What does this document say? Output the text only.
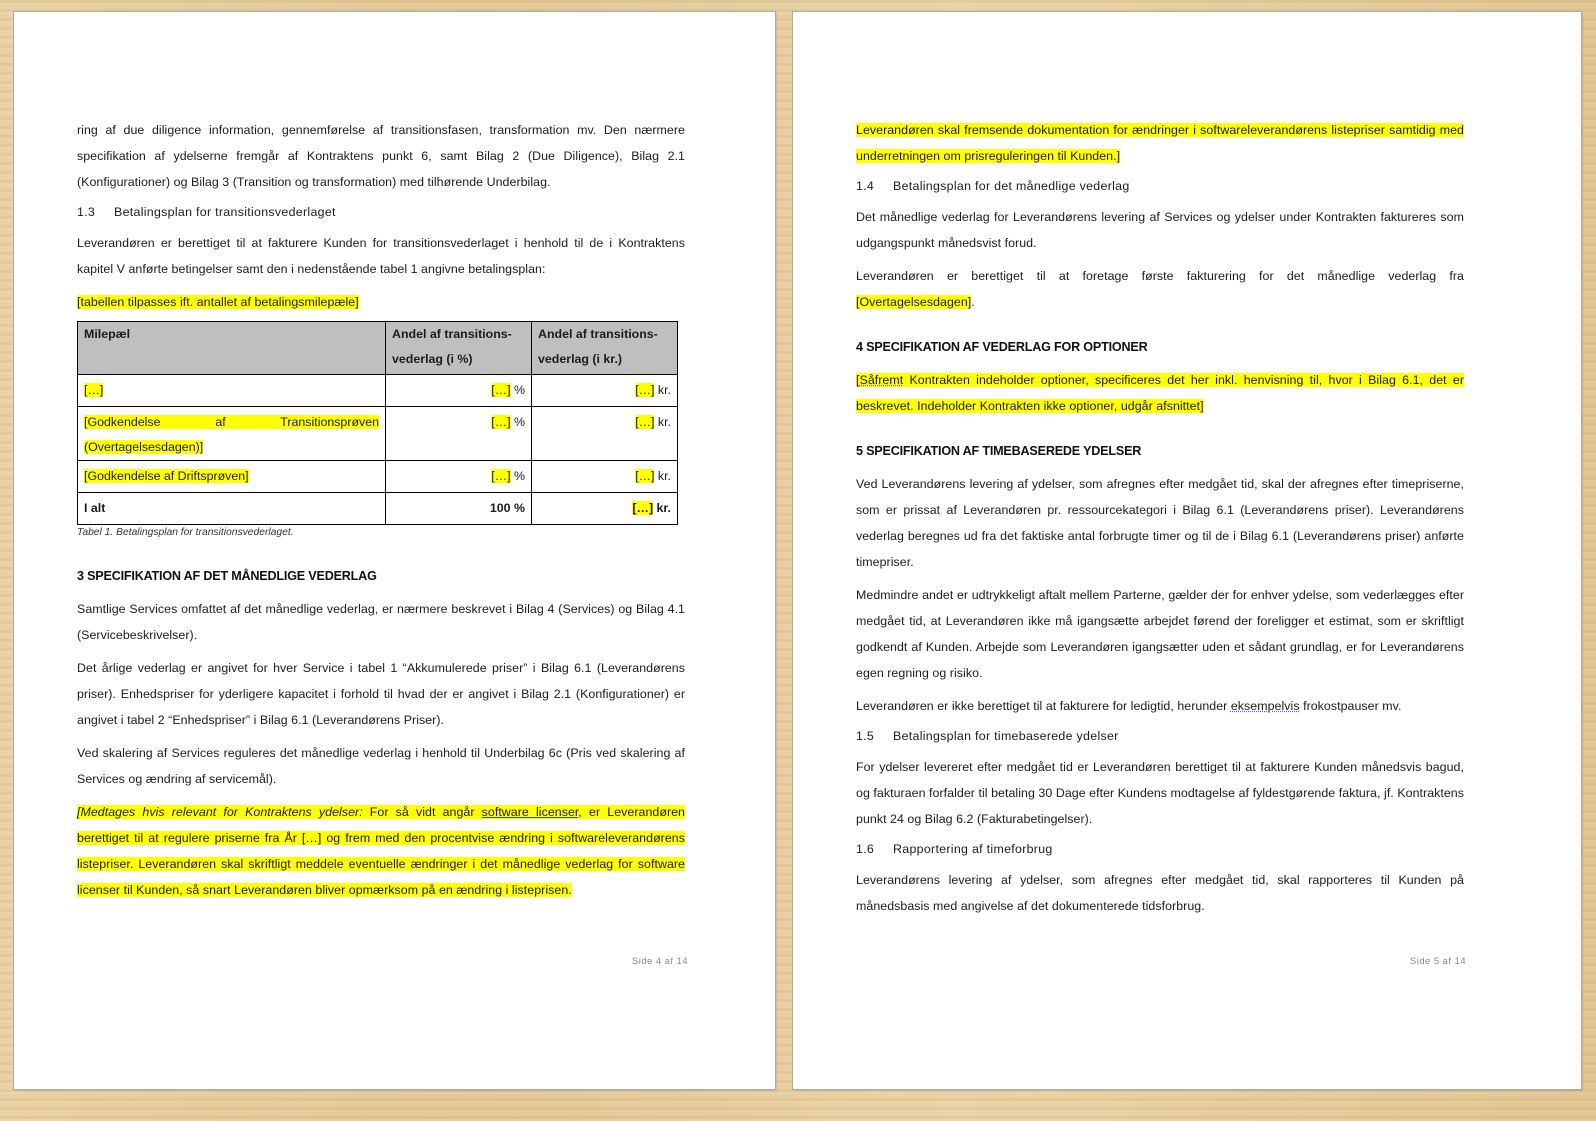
ring af due diligence information, gennemførelse af transitionsfasen, transformation mv. Den nærmere specifikation af ydelserne fremgår af Kontraktens punkt 6, samt Bilag 2 (Due Diligence), Bilag 2.1 (Konfigurationer) og Bilag 3 (Transition og transformation) med tilhørende Underbilag.

1.3 Betalingsplan for transitionsvederlaget

Leverandøren er berettiget til at fakturere Kunden for transitionsvederlaget i henhold til de i Kontraktens kapitel V anførte betingelser samt den i nedenstående tabel 1 angivne betalingsplan:

[tabellen tilpasses ift. antallet af betalingsmilepæle]

Milepæl	Andel af transitions-vederlag (i %)	Andel af transitions-vederlag (i kr.)
[…]	[…] %	[…] kr.
[Godkendelse af Transitionsprøven (Overtagelsesdagen)]	[…] %	[…] kr.
[Godkendelse af Driftsprøven]	[…] %	[…] kr.
I alt	100 %	[…] kr.

Tabel 1. Betalingsplan for transitionsvederlaget.

3 SPECIFIKATION AF DET MÅNEDLIGE VEDERLAG

Samtlige Services omfattet af det månedlige vederlag, er nærmere beskrevet i Bilag 4 (Services) og Bilag 4.1 (Servicebeskrivelser).

Det årlige vederlag er angivet for hver Service i tabel 1 “Akkumulerede priser” i Bilag 6.1 (Leverandørens priser). Enhedspriser for yderligere kapacitet i forhold til hvad der er angivet i Bilag 2.1 (Konfigurationer) er angivet i tabel 2 “Enhedspriser” i Bilag 6.1 (Leverandørens Priser).

Ved skalering af Services reguleres det månedlige vederlag i henhold til Underbilag 6c (Pris ved skalering af Services og ændring af servicemål).

[Medtages hvis relevant for Kontraktens ydelser: For så vidt angår software licenser, er Leverandøren berettiget til at regulere priserne fra År […] og frem med den procentvise ændring i softwareleverandørens listepriser. Leverandøren skal skriftligt meddele eventuelle ændringer i det månedlige vederlag for software licenser til Kunden, så snart Leverandøren bliver opmærksom på en ændring i listeprisen.

Side 4 af 14

Leverandøren skal fremsende dokumentation for ændringer i softwareleverandørens listepriser samtidig med underretningen om prisreguleringen til Kunden.]

1.4 Betalingsplan for det månedlige vederlag

Det månedlige vederlag for Leverandørens levering af Services og ydelser under Kontrakten faktureres som udgangspunkt månedsvist forud.

Leverandøren er berettiget til at foretage første fakturering for det månedlige vederlag fra [Overtagelsesdagen].

4 SPECIFIKATION AF VEDERLAG FOR OPTIONER

[Såfremt Kontrakten indeholder optioner, specificeres det her inkl. henvisning til, hvor i Bilag 6.1, det er beskrevet. Indeholder Kontrakten ikke optioner, udgår afsnittet]

5 SPECIFIKATION AF TIMEBASEREDE YDELSER

Ved Leverandørens levering af ydelser, som afregnes efter medgået tid, skal der afregnes efter timepriserne, som er prissat af Leverandøren pr. ressourcekategori i Bilag 6.1 (Leverandørens priser). Leverandørens vederlag beregnes ud fra det faktiske antal forbrugte timer og til de i Bilag 6.1 (Leverandørens priser) anførte timepriser.

Medmindre andet er udtrykkeligt aftalt mellem Parterne, gælder der for enhver ydelse, som vederlægges efter medgået tid, at Leverandøren ikke må igangsætte arbejdet førend der foreligger et estimat, som er skriftligt godkendt af Kunden. Arbejde som Leverandøren igangsætter uden et sådant grundlag, er for Leverandørens egen regning og risiko.

Leverandøren er ikke berettiget til at fakturere for ledigtid, herunder eksempelvis frokostpauser mv.

1.5 Betalingsplan for timebaserede ydelser

For ydelser levereret efter medgået tid er Leverandøren berettiget til at fakturere Kunden månedsvis bagud, og fakturaen forfalder til betaling 30 Dage efter Kundens modtagelse af fyldestgørende faktura, jf. Kontraktens punkt 24 og Bilag 6.2 (Fakturabetingelser).

1.6 Rapportering af timeforbrug

Leverandørens levering af ydelser, som afregnes efter medgået tid, skal rapporteres til Kunden på månedsbasis med angivelse af det dokumenterede tidsforbrug.

Side 5 af 14
